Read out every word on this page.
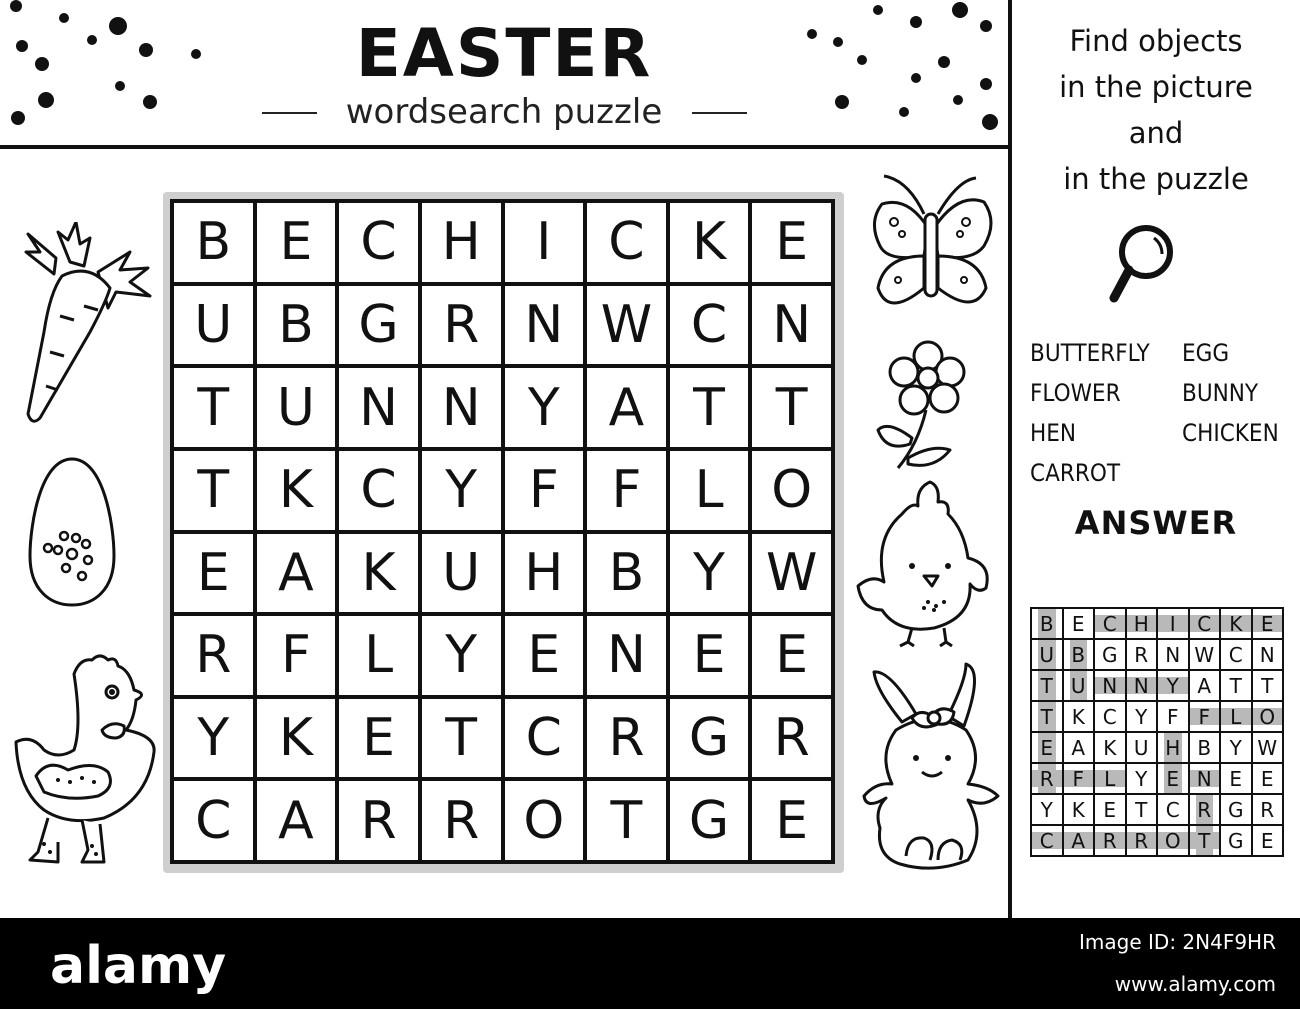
EASTER
wordsearch puzzle
Find objects
in the picture
and
in the puzzle
BUTTERFLY EGG
FLOWER	BUNNY
HEN	CHICKEN
CARROT
ANSWER
B E C H	I	C K E
U B G R N W C N
T U N N Y A T T
T K C Y F	F	L O
E A K U H B Y W
R F	L	Y E N E E
Y K E T C R G R
C A R R O T G E
B E C H I C K E
U B G R N W C N
T U N N Y A T T
T K C Y F F L O
E A K U H B Y W
R F L Y E N E E
Y K E T C R G R
C A R R O T G E
alamy	Image ID: 2N4F9HR
www.alamy.com
